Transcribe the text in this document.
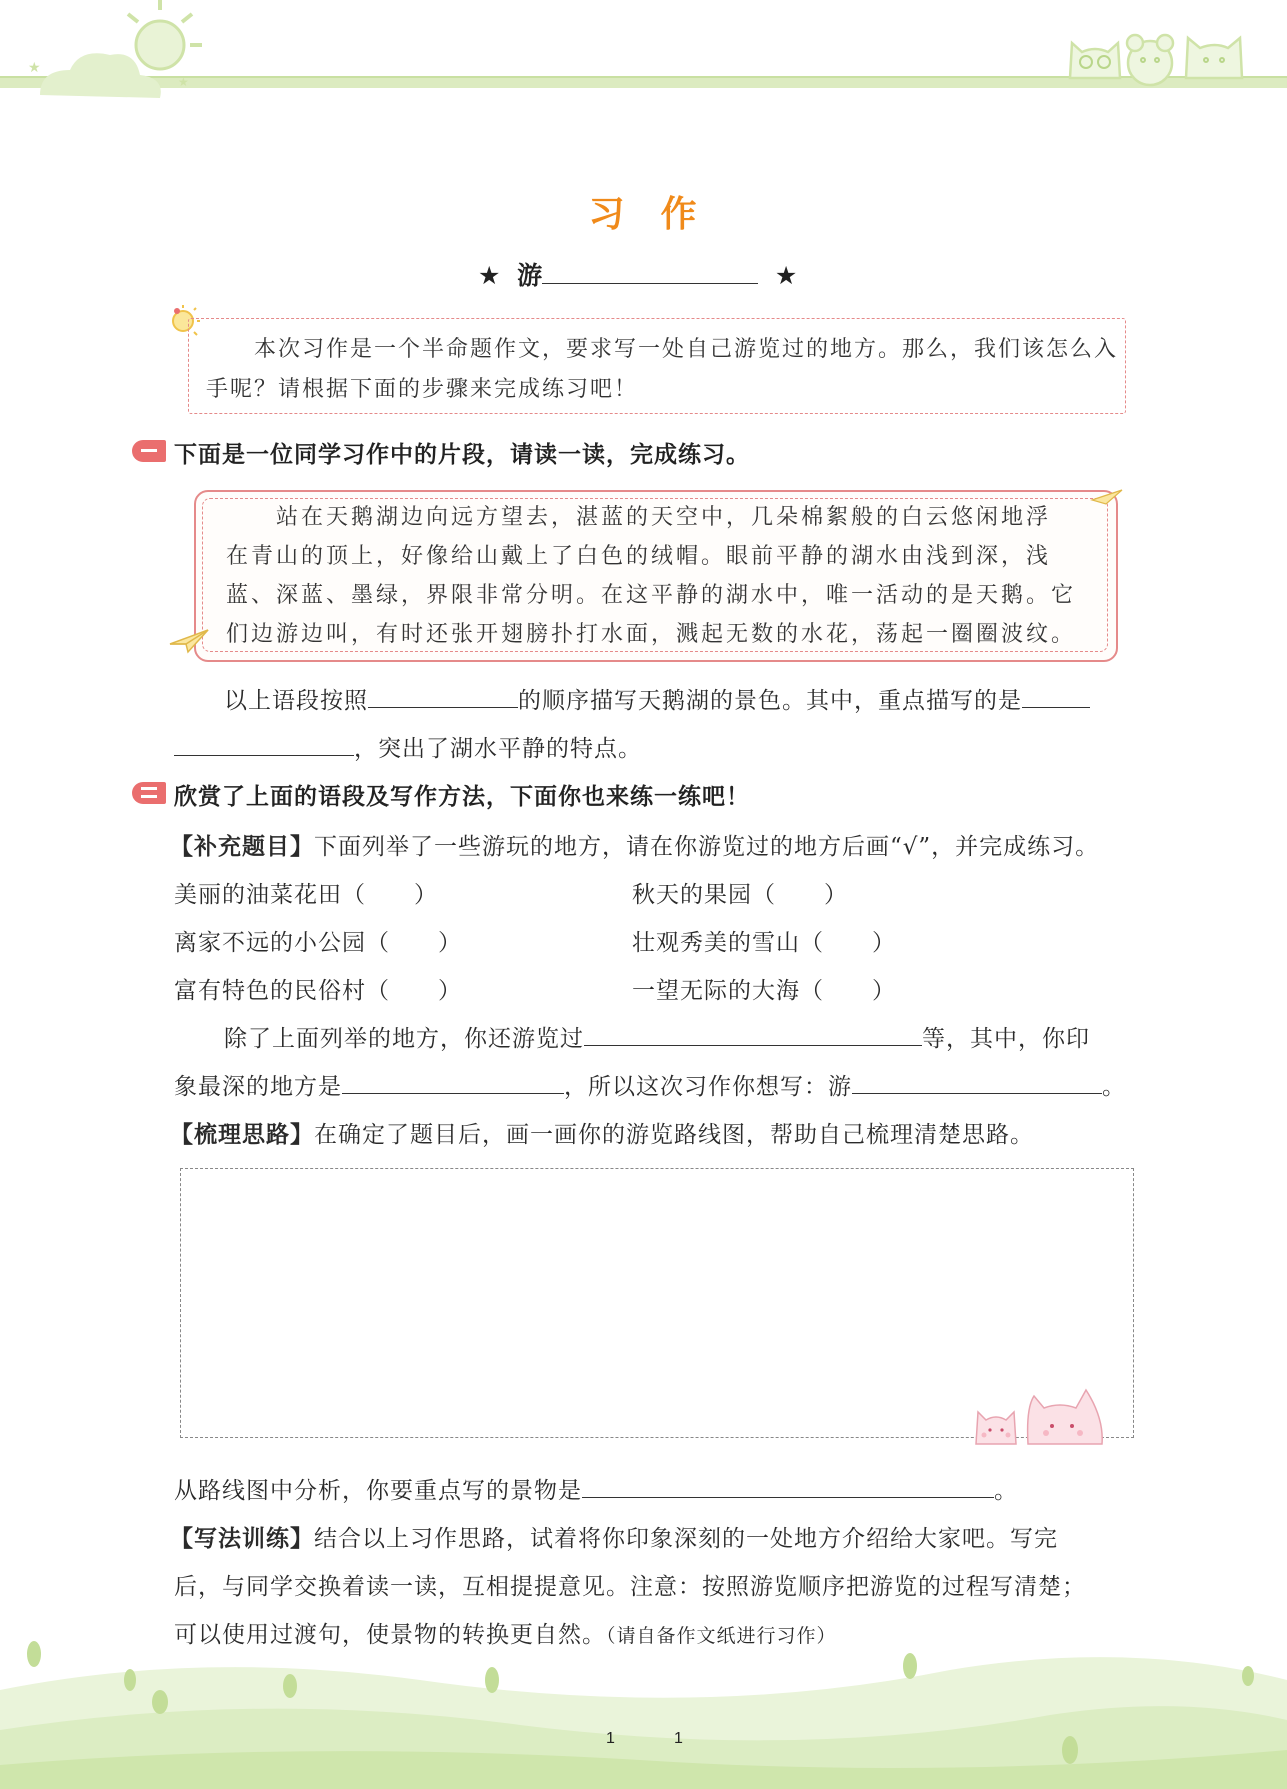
★
★
习 作
★ 游	★
本次习作是一个半命题作文，要求写一处自己游览过的地方。那么，我们该怎么入手呢？请根据下面的步骤来完成练习吧！
下面是一位同学习作中的片段，请读一读，完成练习。
站在天鹅湖边向远方望去，湛蓝的天空中，几朵棉絮般的白云悠闲地浮
在青山的顶上，好像给山戴上了白色的绒帽。眼前平静的湖水由浅到深，浅
蓝、深蓝、墨绿，界限非常分明。在这平静的湖水中，唯一活动的是天鹅。它
们边游边叫，有时还张开翅膀扑打水面，溅起无数的水花，荡起一圈圈波纹。
以上语段按照	的顺序描写天鹅湖的景色。其中，重点描写的是
，突出了湖水平静的特点。
欣赏了上面的语段及写作方法，下面你也来练一练吧！
【补充题目】下面列举了一些游玩的地方，请在你游览过的地方后画“√”，并完成练习。
美丽的油菜花田（　　）	秋天的果园（　　）
离家不远的小公园（　　）	壮观秀美的雪山（　　）
富有特色的民俗村（　　）	一望无际的大海（　　）
除了上面列举的地方，你还游览过	等，其中，你印
象最深的地方是	，所以这次习作你想写：游	。
【梳理思路】在确定了题目后，画一画你的游览路线图，帮助自己梳理清楚思路。
从路线图中分析，你要重点写的景物是	。
【写法训练】结合以上习作思路，试着将你印象深刻的一处地方介绍给大家吧。写完
后，与同学交换着读一读，互相提提意见。注意：按照游览顺序把游览的过程写清楚；
可以使用过渡句，使景物的转换更自然。（请自备作文纸进行习作）
1	1
